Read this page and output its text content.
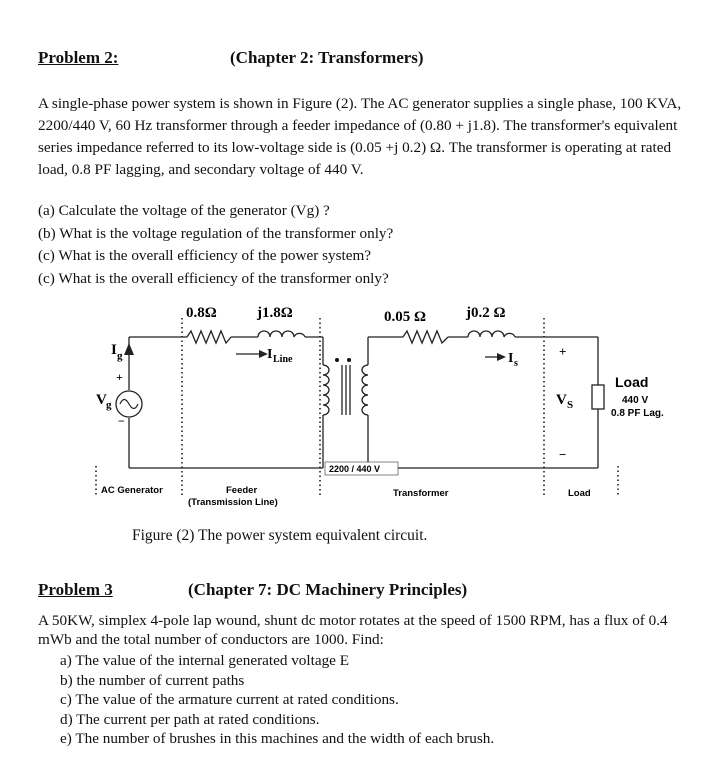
Problem 2:	(Chapter 2: Transformers)
A single-phase power system is shown in Figure (2). The AC generator supplies a single phase, 100 KVA, 2200/440 V, 60 Hz transformer through a feeder impedance of (0.80 + j1.8). The transformer's equivalent series impedance referred to its low-voltage side is (0.05 +j 0.2) Ω. The transformer is operating at rated load, 0.8 PF lagging, and secondary voltage of 440 V.
(a) Calculate the voltage of the generator (Vg) ?
(b) What is the voltage regulation of the transformer only?
(c) What is the overall efficiency of the power system?
(c) What is the overall efficiency of the transformer only?
0.8Ω	j1.8Ω	0.05 Ω	j0.2 Ω
I g	I Line	I s
V g
+
−
V S
+
−
Load
440 V
0.8 PF Lag.
2200 / 440 V
AC Generator	Feeder
(Transmission Line)
Transformer	Load
Figure (2) The power system equivalent circuit.
Problem 3	(Chapter 7: DC Machinery Principles)
A 50KW, simplex 4-pole lap wound, shunt dc motor rotates at the speed of 1500 RPM, has a flux of 0.4 mWb and the total number of conductors are 1000. Find:
a) The value of the internal generated voltage E
b) the number of current paths
c) The value of the armature current at rated conditions.
d) The current per path at rated conditions.
e) The number of brushes in this machines and the width of each brush.
